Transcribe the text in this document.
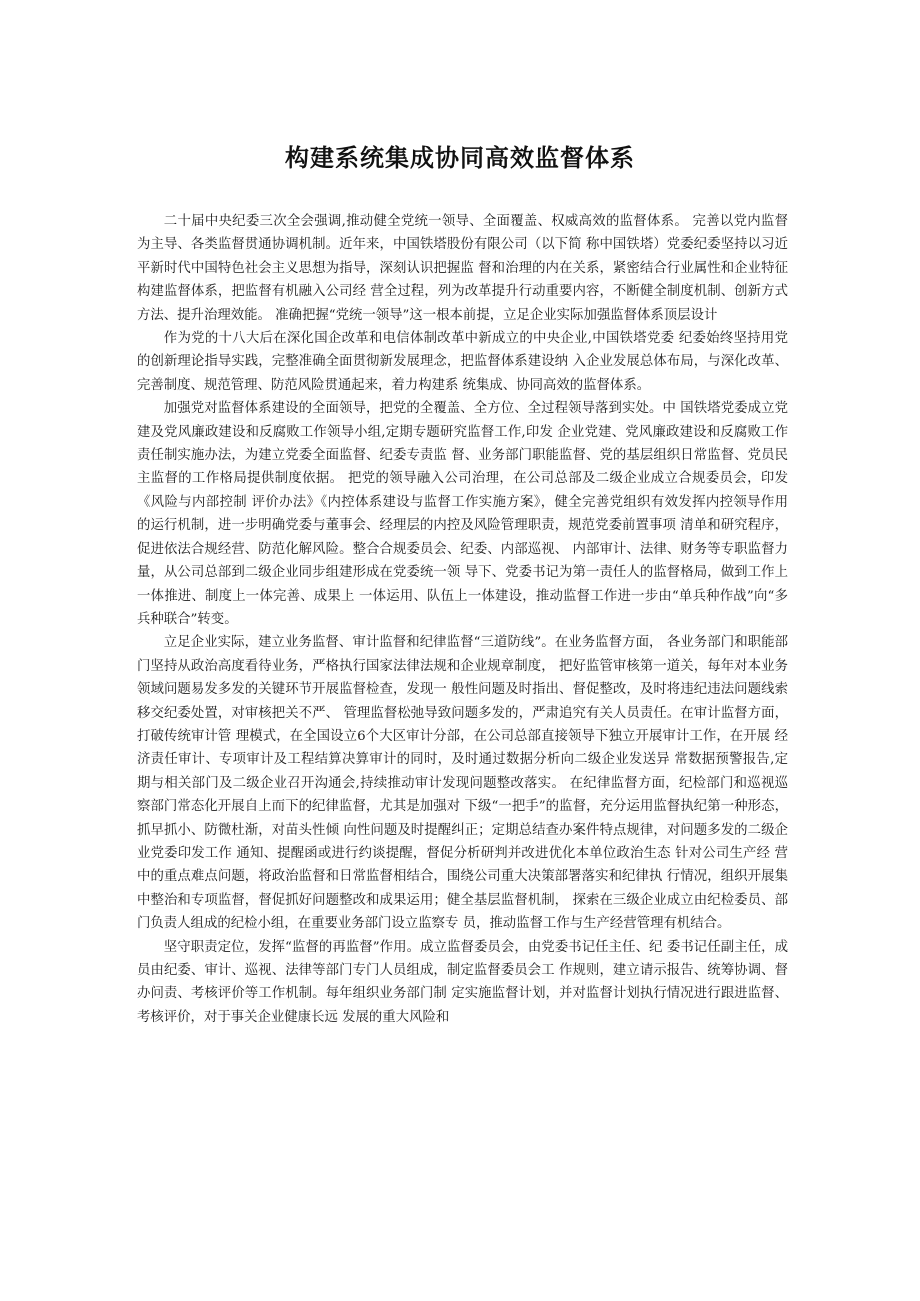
构建系统集成协同高效监督体系

二十届中央纪委三次全会强调,推动健全党统一领导、全面覆盖、权威高效的监督体系。 完善以党内监督为主导、各类监督贯通协调机制。近年来，中国铁塔股份有限公司（以下简 称中国铁塔）党委纪委坚持以习近平新时代中国特色社会主义思想为指导，深刻认识把握监 督和治理的内在关系，紧密结合行业属性和企业特征构建监督体系，把监督有机融入公司经 营全过程，列为改革提升行动重要内容，不断健全制度机制、创新方式方法、提升治理效能。 准确把握“党统一领导”这一根本前提，立足企业实际加强监督体系顶层设计

作为党的十八大后在深化国企改革和电信体制改革中新成立的中央企业,中国铁塔党委 纪委始终坚持用党的创新理论指导实践，完整准确全面贯彻新发展理念，把监督体系建设纳 入企业发展总体布局，与深化改革、完善制度、规范管理、防范风险贯通起来，着力构建系 统集成、协同高效的监督体系。

加强党对监督体系建设的全面领导，把党的全覆盖、全方位、全过程领导落到实处。中 国铁塔党委成立党建及党风廉政建设和反腐败工作领导小组,定期专题研究监督工作,印发 企业党建、党风廉政建设和反腐败工作责任制实施办法，为建立党委全面监督、纪委专责监 督、业务部门职能监督、党的基层组织日常监督、党员民主监督的工作格局提供制度依据。 把党的领导融入公司治理，在公司总部及二级企业成立合规委员会，印发《风险与内部控制 评价办法》《内控体系建设与监督工作实施方案》，健全完善党组织有效发挥内控领导作用 的运行机制，进一步明确党委与董事会、经理层的内控及风险管理职责，规范党委前置事项 清单和研究程序，促进依法合规经营、防范化解风险。整合合规委员会、纪委、内部巡视、 内部审计、法律、财务等专职监督力量，从公司总部到二级企业同步组建形成在党委统一领 导下、党委书记为第一责任人的监督格局，做到工作上一体推进、制度上一体完善、成果上 一体运用、队伍上一体建设，推动监督工作进一步由“单兵种作战”向“多兵种联合”转变。

立足企业实际，建立业务监督、审计监督和纪律监督“三道防线”。在业务监督方面， 各业务部门和职能部门坚持从政治高度看待业务，严格执行国家法律法规和企业规章制度， 把好监管审核第一道关，每年对本业务领域问题易发多发的关键环节开展监督检查，发现一 般性问题及时指出、督促整改，及时将违纪违法问题线索移交纪委处置，对审核把关不严、 管理监督松弛导致问题多发的，严肃追究有关人员责任。在审计监督方面，打破传统审计管 理模式，在全国设立6个大区审计分部，在公司总部直接领导下独立开展审计工作，在开展 经济责任审计、专项审计及工程结算决算审计的同时，及时通过数据分析向二级企业发送异 常数据预警报告,定期与相关部门及二级企业召开沟通会,持续推动审计发现问题整改落实。 在纪律监督方面，纪检部门和巡视巡察部门常态化开展自上而下的纪律监督，尤其是加强对 下级“一把手”的监督，充分运用监督执纪第一种形态，抓早抓小、防微杜渐，对苗头性倾 向性问题及时提醒纠正；定期总结查办案件特点规律，对问题多发的二级企业党委印发工作 通知、提醒函或进行约谈提醒，督促分析研判并改进优化本单位政治生态 针对公司生产经 营中的重点难点问题，将政治监督和日常监督相结合，围绕公司重大决策部署落实和纪律执 行情况，组织开展集中整治和专项监督，督促抓好问题整改和成果运用；健全基层监督机制， 探索在三级企业成立由纪检委员、部门负责人组成的纪检小组，在重要业务部门设立监察专 员，推动监督工作与生产经营管理有机结合。

坚守职责定位，发挥“监督的再监督”作用。成立监督委员会，由党委书记任主任、纪 委书记任副主任，成员由纪委、审计、巡视、法律等部门专门人员组成，制定监督委员会工 作规则，建立请示报告、统筹协调、督办问责、考核评价等工作机制。每年组织业务部门制 定实施监督计划，并对监督计划执行情况进行跟进监督、考核评价，对于事关企业健康长远 发展的重大风险和
